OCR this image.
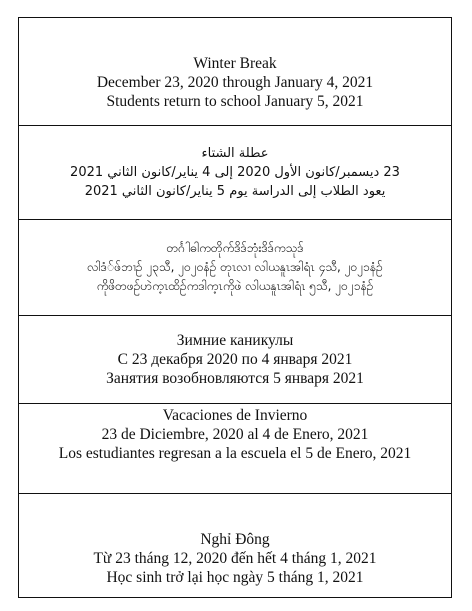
Winter Break
December 23, 2020 through January 4, 2021
Students return to school January 5, 2021
عطلة الشتاء
23 ديسمبر/كانون الأول 2020 إلى 4 يناير/كانون الثاني 2021
يعود الطلاب إلى الدراسة يوم 5 يناير/كانون الثاني 2021
တင်္ဂါဓါကတိုက်ဒိဒ်ဘုံးဒိဒ်ကသုဒ်
လါဒံ်ဖ်ဘၢဉ် ၂၃သီ, ၂၀၂၀နံဉ် တုၤလၢ လါယနူၤအါရံၤ ၄သီ, ၂၀၂၁နံဉ်
ကိုဖိတဖဉ်ဟဲက့ၤထိဉ်ကဒါက့ၤကိုဖဲ လါယနူၤအါရံၤ ၅သီ, ၂၀၂၁နံဉ်
Зимние каникулы
С 23 декабря 2020 по 4 января 2021
Занятия возобновляются 5 января 2021
Vacaciones de Invierno
23 de Diciembre, 2020 al 4 de Enero, 2021
Los estudiantes regresan a la escuela el 5 de Enero, 2021
Nghỉ Đông
Từ 23 tháng 12, 2020 đến hết 4 tháng 1, 2021
Học sinh trở lại học ngày 5 tháng 1, 2021
